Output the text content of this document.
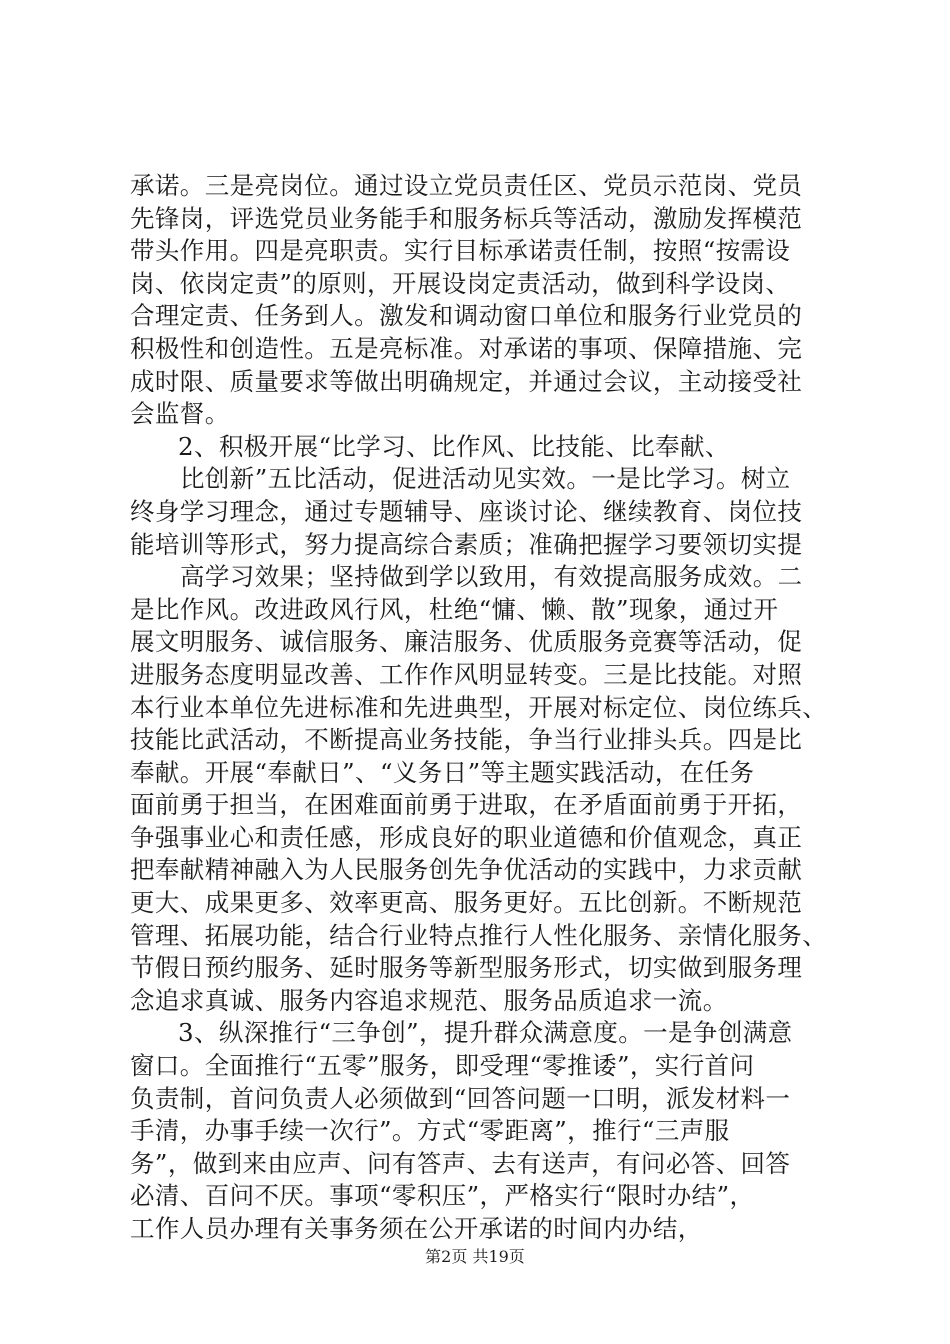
承诺。三是亮岗位。通过设立党员责任区、党员示范岗、党员
先锋岗，评选党员业务能手和服务标兵等活动，激励发挥模范
带头作用。四是亮职责。实行目标承诺责任制，按照“按需设
岗、依岗定责”的原则，开展设岗定责活动，做到科学设岗、
合理定责、任务到人。激发和调动窗口单位和服务行业党员的
积极性和创造性。五是亮标准。对承诺的事项、保障措施、完
成时限、质量要求等做出明确规定，并通过会议，主动接受社
会监督。
2、积极开展“比学习、比作风、比技能、比奉献、
比创新”五比活动，促进活动见实效。一是比学习。树立
终身学习理念，通过专题辅导、座谈讨论、继续教育、岗位技
能培训等形式，努力提高综合素质；准确把握学习要领切实提
高学习效果；坚持做到学以致用，有效提高服务成效。二
是比作风。改进政风行风，杜绝“慵、懒、散”现象，通过开
展文明服务、诚信服务、廉洁服务、优质服务竞赛等活动，促
进服务态度明显改善、工作作风明显转变。三是比技能。对照
本行业本单位先进标准和先进典型，开展对标定位、岗位练兵、
技能比武活动，不断提高业务技能，争当行业排头兵。四是比
奉献。开展“奉献日”、“义务日”等主题实践活动，在任务
面前勇于担当，在困难面前勇于进取，在矛盾面前勇于开拓，
争强事业心和责任感，形成良好的职业道德和价值观念，真正
把奉献精神融入为人民服务创先争优活动的实践中，力求贡献
更大、成果更多、效率更高、服务更好。五比创新。不断规范
管理、拓展功能，结合行业特点推行人性化服务、亲情化服务、
节假日预约服务、延时服务等新型服务形式，切实做到服务理
念追求真诚、服务内容追求规范、服务品质追求一流。
3、纵深推行“三争创”，提升群众满意度。一是争创满意
窗口。全面推行“五零”服务，即受理“零推诿”，实行首问
负责制，首问负责人必须做到“回答问题一口明，派发材料一
手清，办事手续一次行”。方式“零距离”，推行“三声服
务”，做到来由应声、问有答声、去有送声，有问必答、回答
必清、百问不厌。事项“零积压”，严格实行“限时办结”，
工作人员办理有关事务须在公开承诺的时间内办结，
第2页 共19页
